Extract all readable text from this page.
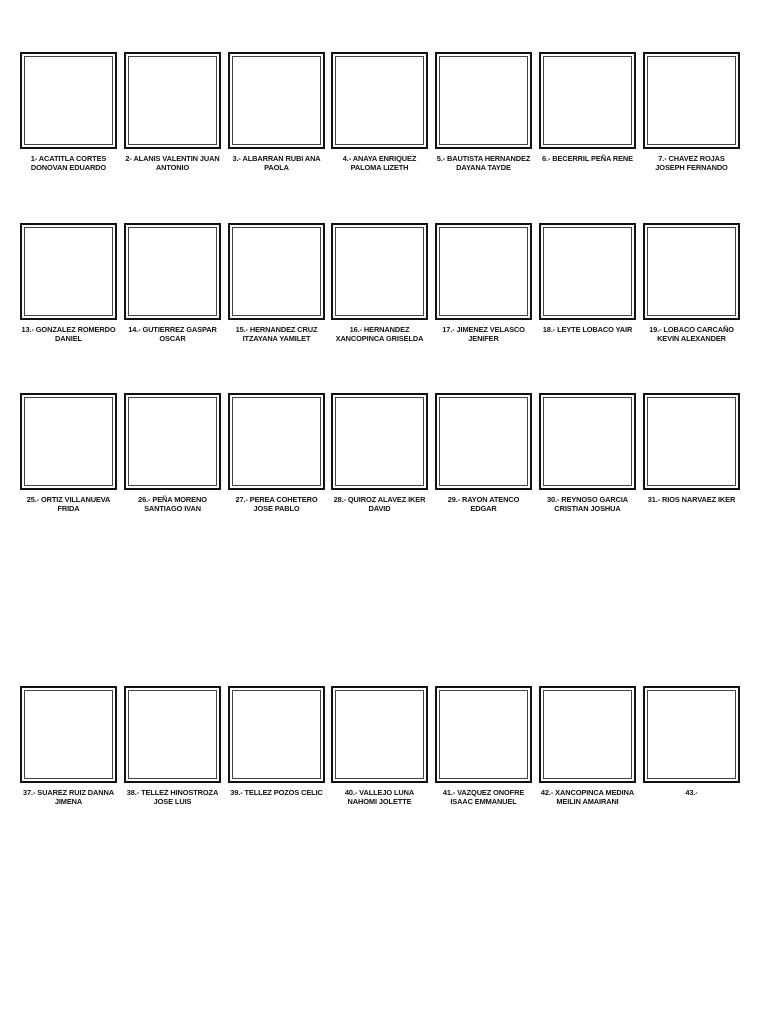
1- ACATITLA CORTES DONOVAN EDUARDO
2- ALANIS VALENTIN JUAN ANTONIO
3.- ALBARRAN RUBI ANA PAOLA
4.- ANAYA ENRIQUEZ PALOMA LIZETH
5.- BAUTISTA HERNANDEZ DAYANA TAYDE
6.- BECERRIL PEÑA RENE	7.- CHAVEZ ROJAS JOSEPH FERNANDO
13.- GONZALEZ ROMERDO DANIEL
14.- GUTIERREZ GASPAR OSCAR
15.- HERNANDEZ CRUZ ITZAYANA YAMILET
16.- HERNANDEZ XANCOPINCA GRISELDA
17.- JIMENEZ VELASCO JENIFER
18.- LEYTE LOBACO YAIR	19.- LOBACO CARCAÑO KEVIN ALEXANDER
25.- ORTIZ VILLANUEVA FRIDA
26.- PEÑA MORENO SANTIAGO IVAN
27.- PEREA COHETERO JOSE PABLO
28.- QUIROZ ALAVEZ IKER DAVID
29.- RAYON ATENCO EDGAR
30.- REYNOSO GARCIA CRISTIAN JOSHUA
31.- RIOS NARVAEZ IKER
37.- SUAREZ RUIZ DANNA JIMENA
38.- TELLEZ HINOSTROZA JOSE LUIS
39.- TELLEZ POZOS CELIC	40.- VALLEJO LUNA NAHOMI JOLETTE
41.- VAZQUEZ ONOFRE ISAAC EMMANUEL
42.- XANCOPINCA MEDINA MEILIN AMAIRANI
43.-
